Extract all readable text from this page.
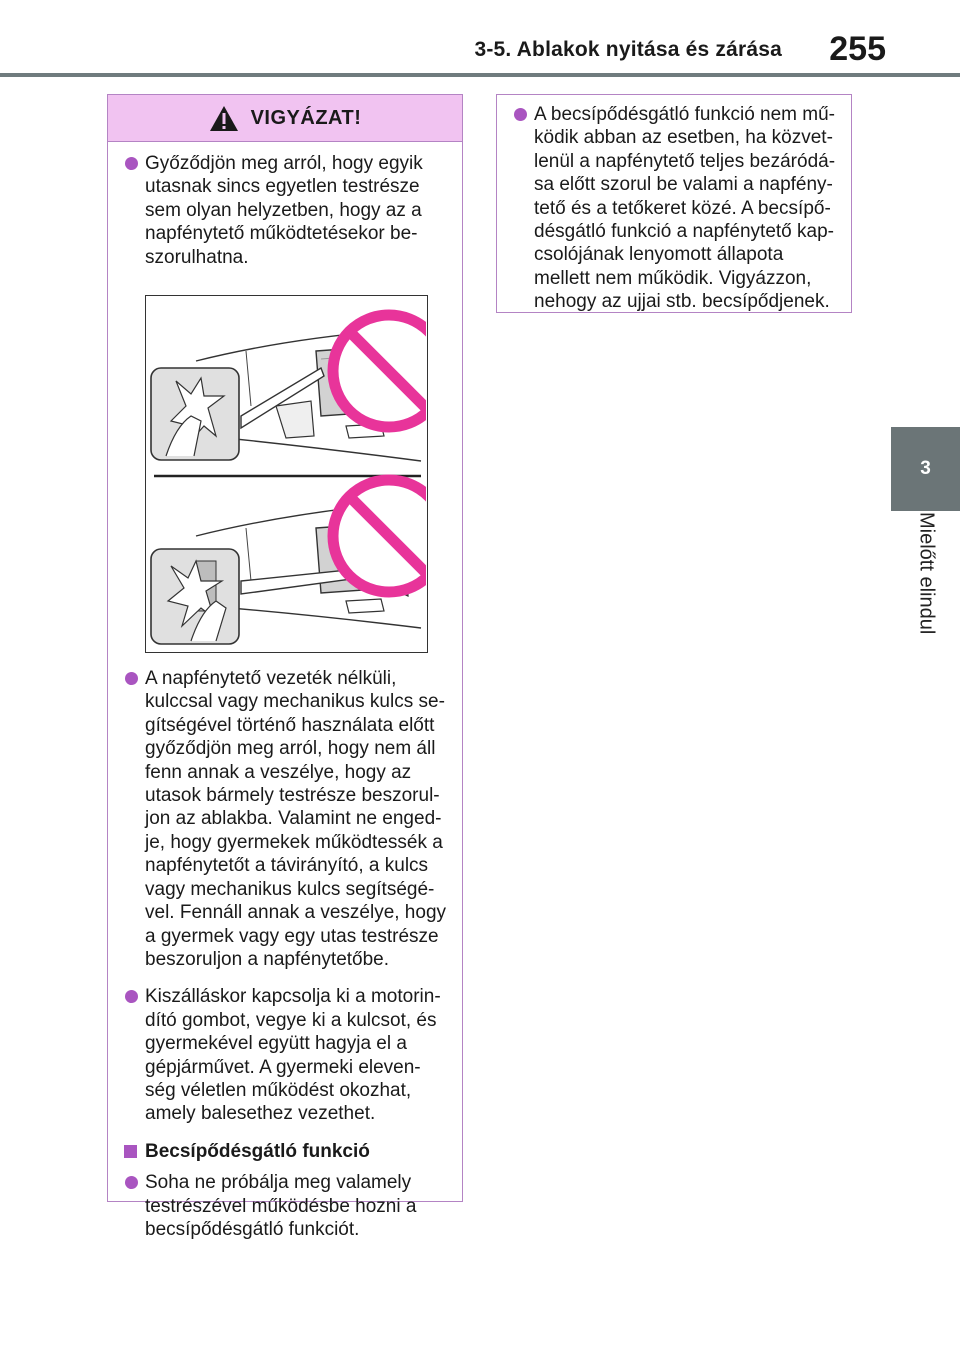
3-5. Ablakok nyitása és zárása 255
3
Mielőtt elindul
VIGYÁZAT!

Győződjön meg arról, hogy egyik utasnak sincs egyetlen testrésze sem olyan helyzetben, hogy az a napfénytető működtetésekor be-szorulhatna.

A napfénytető vezeték nélküli, kulccsal vagy mechanikus kulcs se-gítségével történő használata előtt győződjön meg arról, hogy nem áll fenn annak a veszélye, hogy az utasok bármely testrésze beszorul-jon az ablakba. Valamint ne enged-je, hogy gyermekek működtessék a napfénytetőt a távirányító, a kulcs vagy mechanikus kulcs segítségé-vel. Fennáll annak a veszélye, hogy a gyermek vagy egy utas testrésze beszoruljon a napfénytetőbe.

Kiszálláskor kapcsolja ki a motorin-dító gombot, vegye ki a kulcsot, és gyermekével együtt hagyja el a gépjárművet. A gyermeki eleven-ség véletlen működést okozhat, amely balesethez vezethet.

Becsípődésgátló funkció

Soha ne próbálja meg valamely testrészével működésbe hozni a becsípődésgátló funkciót.

A becsípődésgátló funkció nem mű-ködik abban az esetben, ha közvet-lenül a napfénytető teljes bezáródá-sa előtt szorul be valami a napfény-tető és a tetőkeret közé. A becsípő-désgátló funkció a napfénytető kap-csolójának lenyomott állapota mellett nem működik. Vigyázzon, nehogy az ujjai stb. becsípődjenek.
